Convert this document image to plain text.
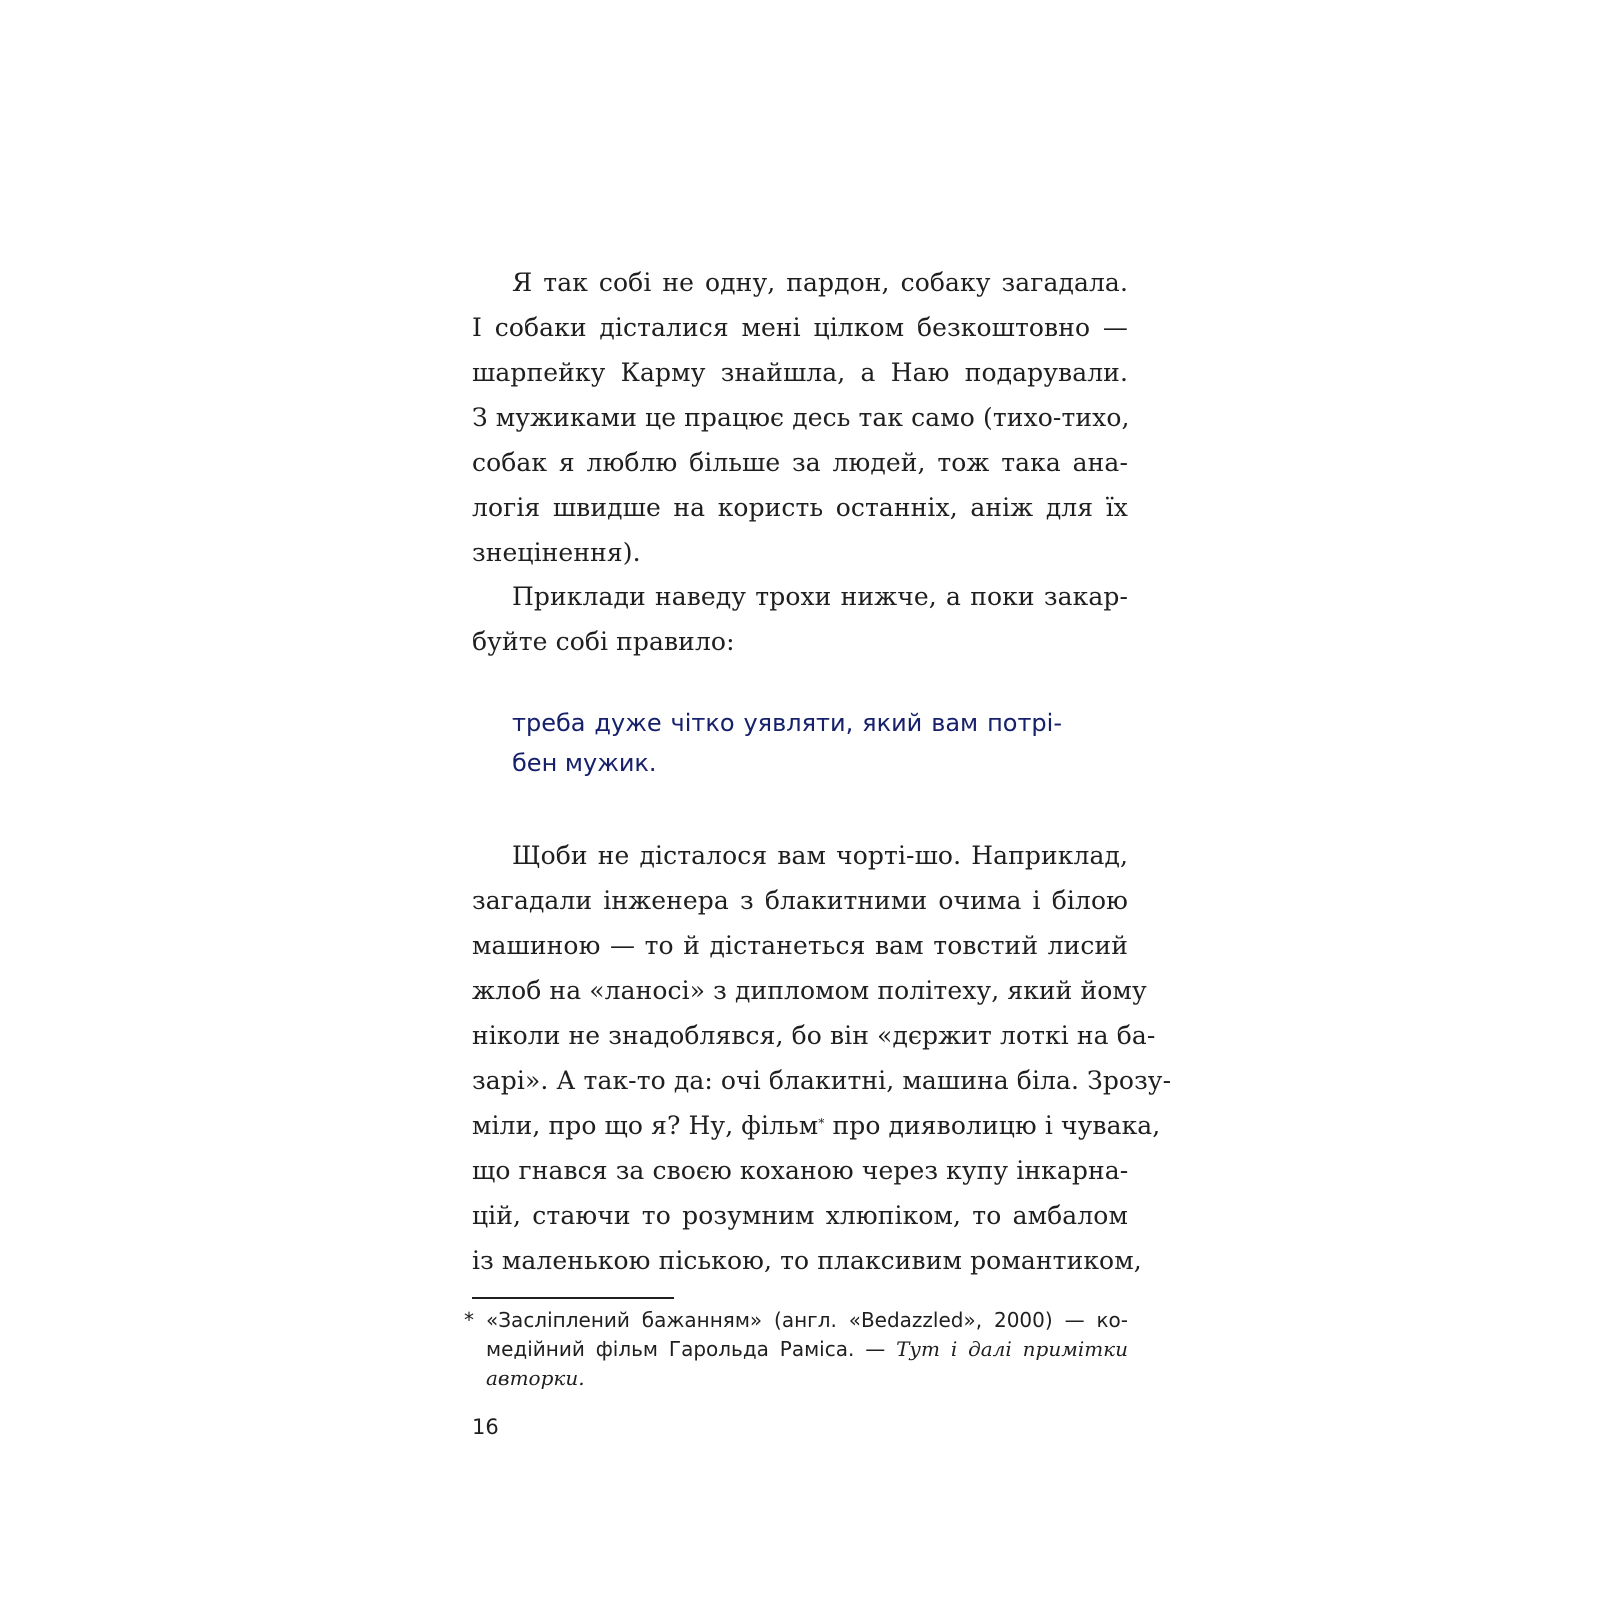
Я так собі не одну, пардон, собаку загадала.
І собаки дісталися мені цілком безкоштовно —
шарпейку Карму знайшла, а Наю подарували.
З мужиками це працює десь так само (тихо-тихо,
собак я люблю більше за людей, тож така ана-
логія швидше на користь останніх, аніж для їх
знецінення).
Приклади наведу трохи нижче, а поки закар-
буйте собі правило:
треба дуже чітко уявляти, який вам потрі-
бен мужик.
Щоби не дісталося вам чорті-шо. Наприклад,
загадали інженера з блакитними очима і білою
машиною — то й дістанеться вам товстий лисий
жлоб на «ланосі» з дипломом політеху, який йому
ніколи не знадоблявся, бо він «дєржит лоткі на ба-
зарі». А так-то да: очі блакитні, машина біла. Зрозу-
міли, про що я? Ну, фільм* про дияволицю і чувака,
що гнався за своєю коханою через купу інкарна-
цій, стаючи то розумним хлюпіком, то амбалом
із маленькою піською, то плаксивим романтиком,
* «Засліплений бажанням» (англ. «Bedazzled», 2000) — ко-
медійний фільм Гарольда Раміса. — Тут і далі примітки
авторки.
16
